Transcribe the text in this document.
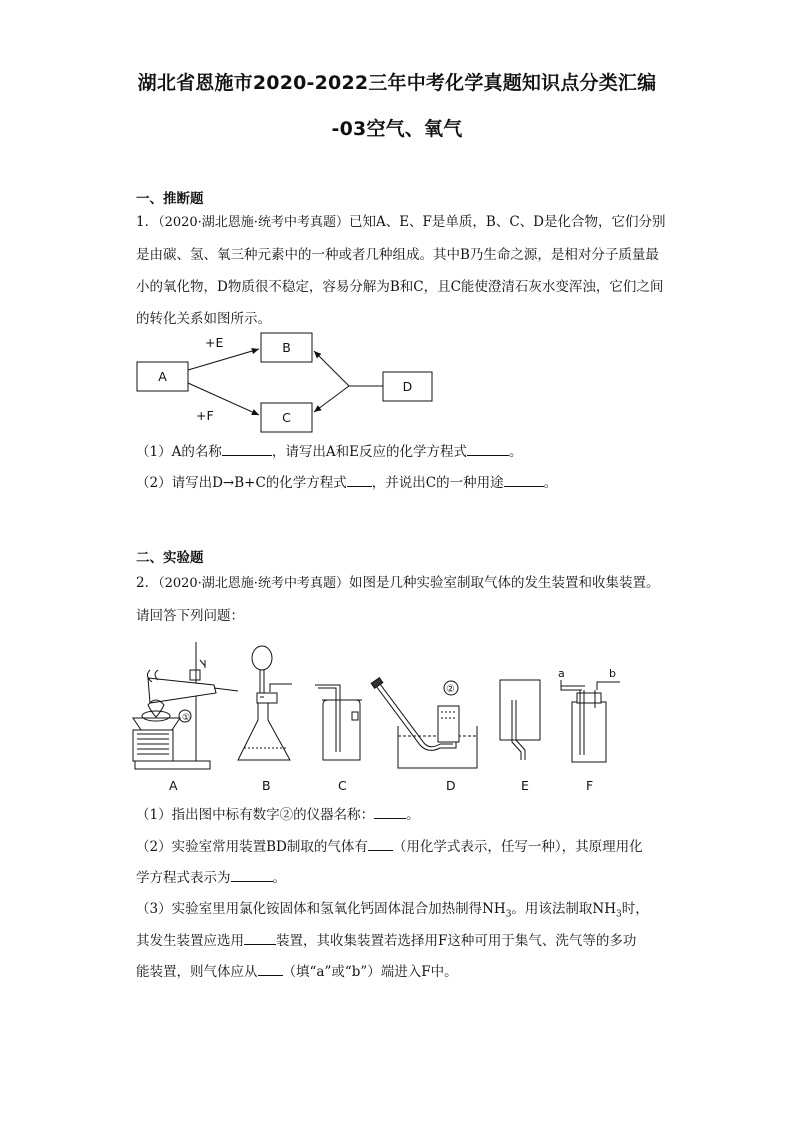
湖北省恩施市2020-2022三年中考化学真题知识点分类汇编
-03空气、氧气
一、推断题

1．（2020·湖北恩施·统考中考真题）已知A、E、F是单质，B、C、D是化合物，它们分别是由碳、氢、氧三种元素中的一种或者几种组成。其中B乃生命之源，是相对分子质量最小的氧化物，D物质很不稳定，容易分解为B和C，且C能使澄清石灰水变浑浊，它们之间的转化关系如图所示。

A
B
C
D
+E
+F
（1）A的名称	，请写出A和E反应的化学方程式	。
（2）请写出D→B+C的化学方程式 ，并说出C的一种用途	。
二、实验题

2．（2020·湖北恩施·统考中考真题）如图是几种实验室制取气体的发生装置和收集装置。请回答下列问题：

①
②
a	b
A	B	C	D	E	F
（1）指出图中标有数字②的仪器名称： 。
（2）实验室常用装置BD制取的气体有 （用化学式表示，任写一种），其原理用化
学方程式表示为	。
（3）实验室里用氯化铵固体和氢氧化钙固体混合加热制得$NH_3$。用该法制取$NH_3$时，
其发生装置应选用 装置，其收集装置若选择用F这种可用于集气、洗气等的多功
能装置，则气体应从 （填“a”或“b”）端进入F中。
